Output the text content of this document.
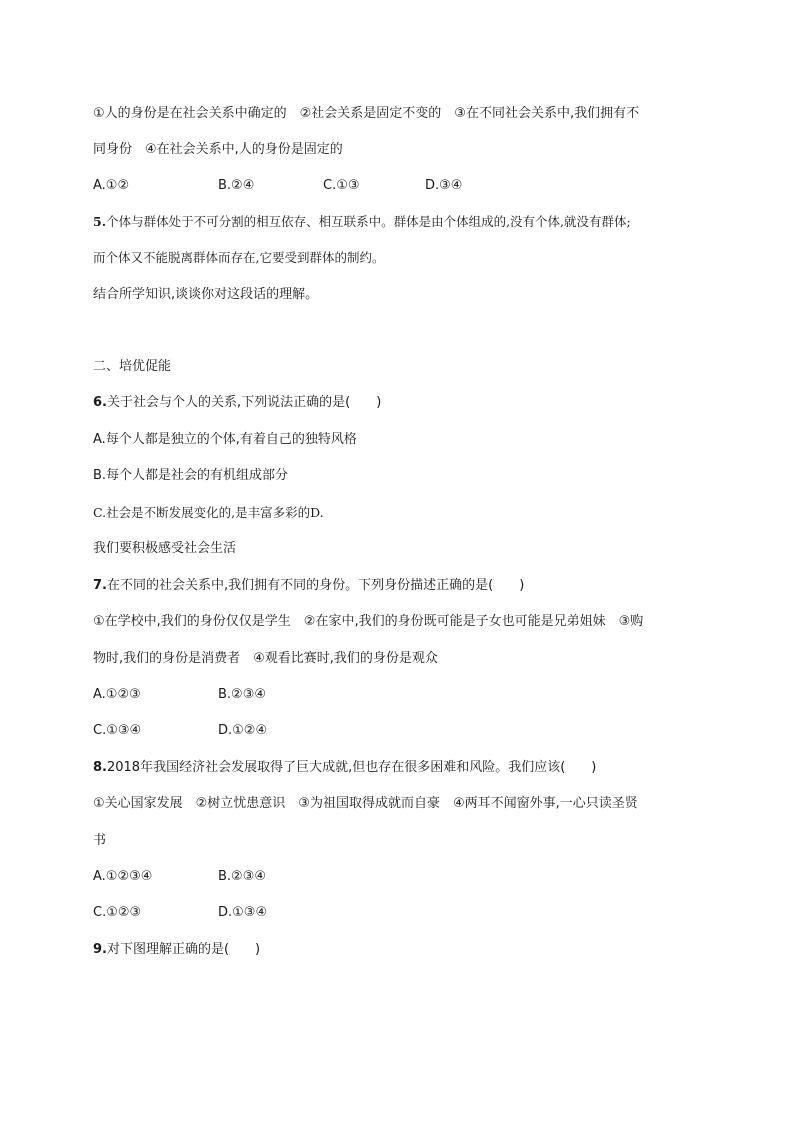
①人的身份是在社会关系中确定的　②社会关系是固定不变的　③在不同社会关系中,我们拥有不
同身份　④在社会关系中,人的身份是固定的
A.①②	B.②④	C.①③	D.③④
5.个体与群体处于不可分割的相互依存、相互联系中。群体是由个体组成的,没有个体,就没有群体;
而个体又不能脱离群体而存在,它要受到群体的制约。
结合所学知识,谈谈你对这段话的理解。
二、培优促能
6.关于社会与个人的关系,下列说法正确的是(　　)
A.每个人都是独立的个体,有着自己的独特风格
B.每个人都是社会的有机组成部分
C.社会是不断发展变化的,是丰富多彩的D.
我们要积极感受社会生活
7.在不同的社会关系中,我们拥有不同的身份。下列身份描述正确的是(　　)
①在学校中,我们的身份仅仅是学生　②在家中,我们的身份既可能是子女也可能是兄弟姐妹　③购
物时,我们的身份是消费者　④观看比赛时,我们的身份是观众
A.①②③	B.②③④
C.①③④	D.①②④
8.2018年我国经济社会发展取得了巨大成就,但也存在很多困难和风险。我们应该(　　)
①关心国家发展　②树立忧患意识　③为祖国取得成就而自豪　④两耳不闻窗外事,一心只读圣贤
书
A.①②③④	B.②③④
C.①②③	D.①③④
9.对下图理解正确的是(　　)
